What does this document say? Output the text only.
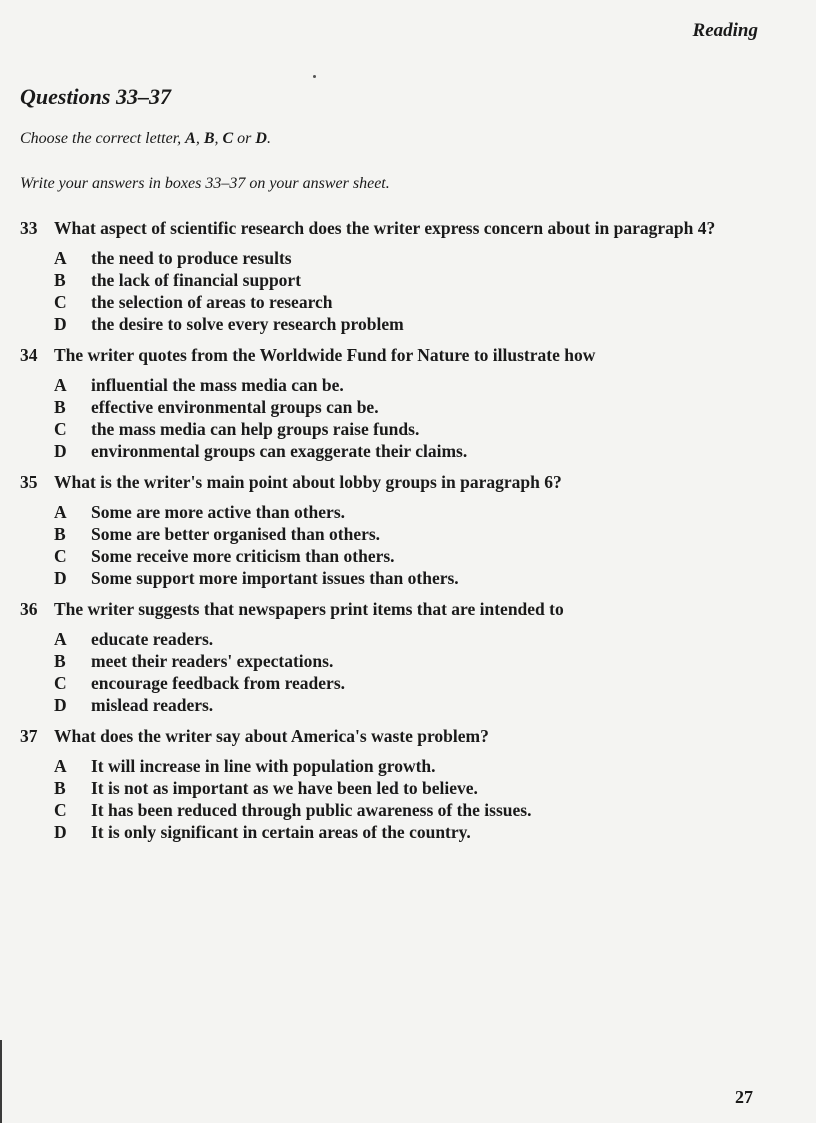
Reading
Questions 33–37
Choose the correct letter, A, B, C or D.
Write your answers in boxes 33–37 on your answer sheet.
33 What aspect of scientific research does the writer express concern about in paragraph 4?
A	the need to produce results
B	the lack of financial support
C	the selection of areas to research
D	the desire to solve every research problem
34 The writer quotes from the Worldwide Fund for Nature to illustrate how
A	influential the mass media can be.
B	effective environmental groups can be.
C	the mass media can help groups raise funds.
D	environmental groups can exaggerate their claims.
35 What is the writer's main point about lobby groups in paragraph 6?
A	Some are more active than others.
B	Some are better organised than others.
C	Some receive more criticism than others.
D	Some support more important issues than others.
36 The writer suggests that newspapers print items that are intended to
A	educate readers.
B	meet their readers' expectations.
C	encourage feedback from readers.
D	mislead readers.
37 What does the writer say about America's waste problem?
A	It will increase in line with population growth.
B	It is not as important as we have been led to believe.
C	It has been reduced through public awareness of the issues.
D	It is only significant in certain areas of the country.
27
